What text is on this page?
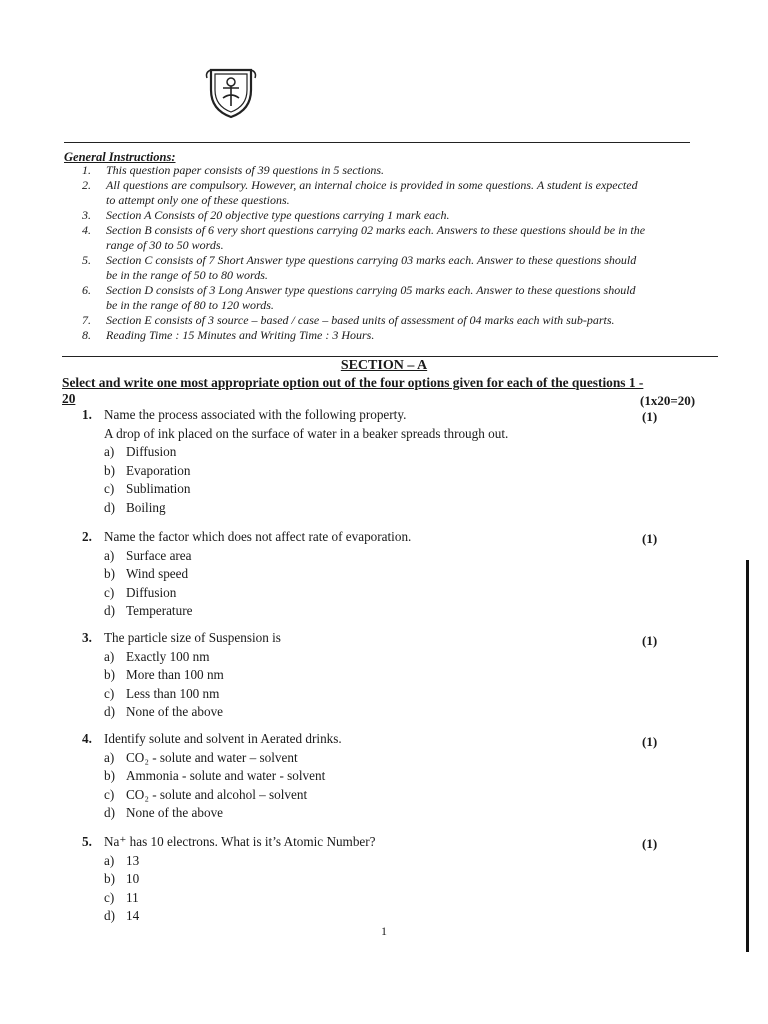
General Instructions:
1.	This question paper consists of 39 questions in 5 sections.
2.	All questions are compulsory. However, an internal choice is provided in some questions. A student is expected
to attempt only one of these questions.
3.	Section A Consists of 20 objective type questions carrying 1 mark each.
4.	Section B consists of 6 very short questions carrying 02 marks each. Answers to these questions should be in the
range of 30 to 50 words.
5.	Section C consists of 7 Short Answer type questions carrying 03 marks each. Answer to these questions should
be in the range of 50 to 80 words.
6.	Section D consists of 3 Long Answer type questions carrying 05 marks each. Answer to these questions should
be in the range of 80 to 120 words.
7.	Section E consists of 3 source – based / case – based units of assessment of 04 marks each with sub-parts.
8.	Reading Time : 15 Minutes and Writing Time : 3 Hours.
SECTION – A
Select and write one most appropriate option out of the four options given for each of the questions 1 -
20	(1x20=20)
1. Name the process associated with the following property.
A drop of ink placed on the surface of water in a beaker spreads through out.
a) Diffusion
b) Evaporation
c) Sublimation
d) Boiling
(1)
2. Name the factor which does not affect rate of evaporation.
a) Surface area
b) Wind speed
c) Diffusion
d) Temperature
(1)
3. The particle size of Suspension is
a) Exactly 100 nm
b) More than 100 nm
c) Less than 100 nm
d) None of the above
(1)
4. Identify solute and solvent in Aerated drinks.
a) CO₂ - solute and water – solvent
b) Ammonia - solute and water - solvent
c) CO₂ - solute and alcohol – solvent
d) None of the above
(1)
5. Na⁺ has 10 electrons. What is it’s Atomic Number?
a) 13
b) 10
c) 11
d) 14
(1)
1
